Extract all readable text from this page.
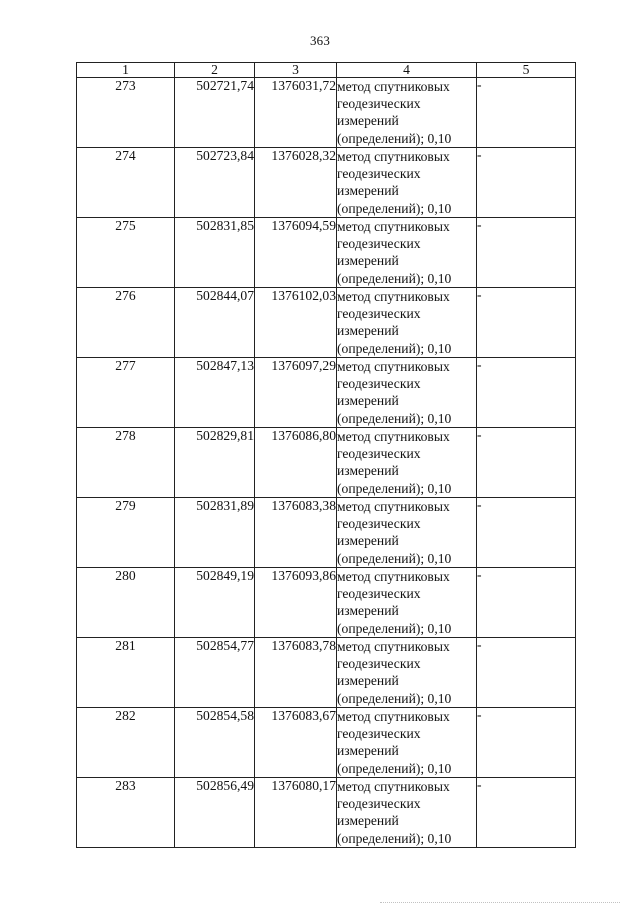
363
1	2	3	4	5
273	502721,74	1376031,72	метод спутниковых геодезических измерений (определений); 0,10	-
274	502723,84	1376028,32	метод спутниковых геодезических измерений (определений); 0,10	-
275	502831,85	1376094,59	метод спутниковых геодезических измерений (определений); 0,10	-
276	502844,07	1376102,03	метод спутниковых геодезических измерений (определений); 0,10	-
277	502847,13	1376097,29	метод спутниковых геодезических измерений (определений); 0,10	-
278	502829,81	1376086,80	метод спутниковых геодезических измерений (определений); 0,10	-
279	502831,89	1376083,38	метод спутниковых геодезических измерений (определений); 0,10	-
280	502849,19	1376093,86	метод спутниковых геодезических измерений (определений); 0,10	-
281	502854,77	1376083,78	метод спутниковых геодезических измерений (определений); 0,10	-
282	502854,58	1376083,67	метод спутниковых геодезических измерений (определений); 0,10	-
283	502856,49	1376080,17	метод спутниковых геодезических измерений (определений); 0,10	-
